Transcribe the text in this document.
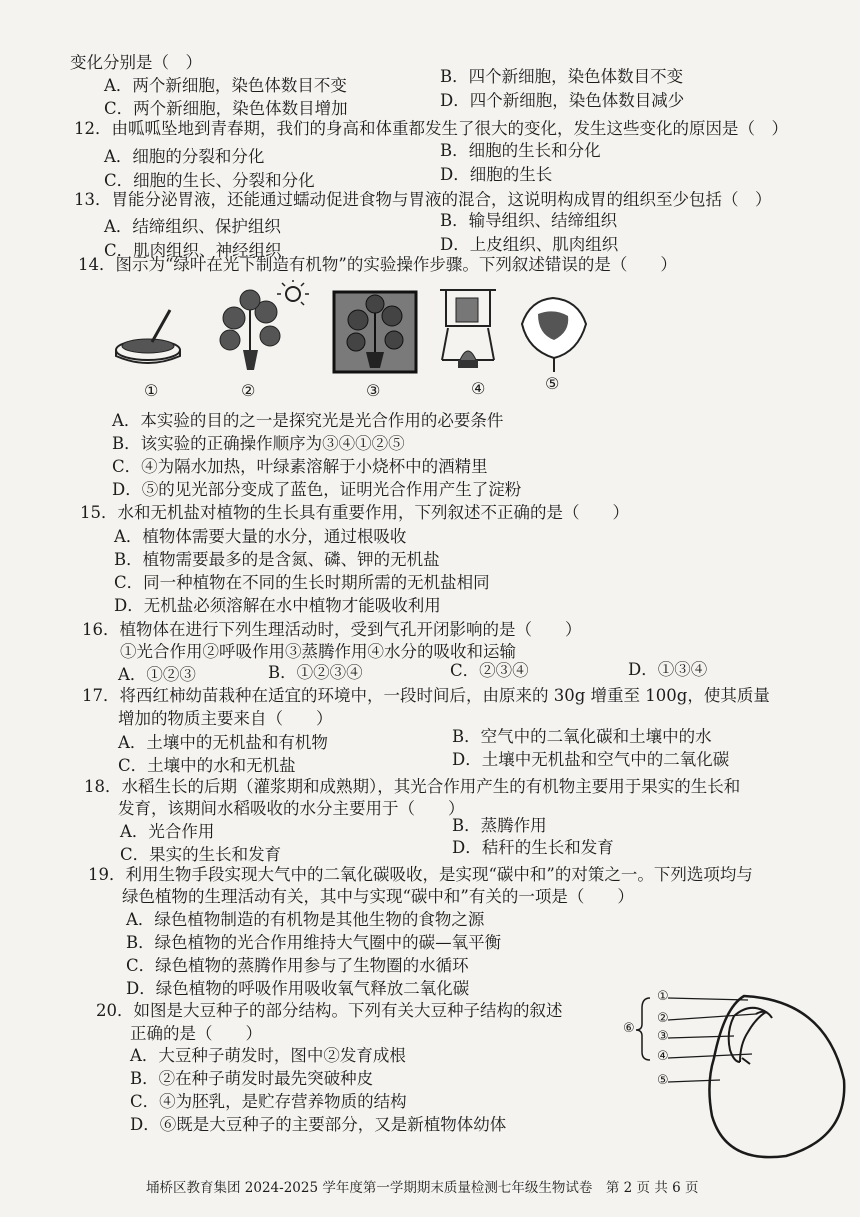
变化分别是（　）
A．两个新细胞，染色体数目不变	B．四个新细胞，染色体数目不变
C．两个新细胞，染色体数目增加	D．四个新细胞，染色体数目减少
12．由呱呱坠地到青春期，我们的身高和体重都发生了很大的变化，发生这些变化的原因是（　）
A．细胞的分裂和分化	B．细胞的生长和分化
C．细胞的生长、分裂和分化	D．细胞的生长
13．胃能分泌胃液，还能通过蠕动促进食物与胃液的混合，这说明构成胃的组织至少包括（　）
A．结缔组织、保护组织	B．输导组织、结缔组织
C．肌肉组织、神经组织	D．上皮组织、肌肉组织
14．图示为“绿叶在光下制造有机物”的实验操作步骤。下列叙述错误的是（　　）
①	②	③	④	⑤
A．本实验的目的之一是探究光是光合作用的必要条件
B．该实验的正确操作顺序为③④①②⑤
C．④为隔水加热，叶绿素溶解于小烧杯中的酒精里
D．⑤的见光部分变成了蓝色，证明光合作用产生了淀粉
15．水和无机盐对植物的生长具有重要作用，下列叙述不正确的是（　　）
A．植物体需要大量的水分，通过根吸收
B．植物需要最多的是含氮、磷、钾的无机盐
C．同一种植物在不同的生长时期所需的无机盐相同
D．无机盐必须溶解在水中植物才能吸收利用
16．植物体在进行下列生理活动时，受到气孔开闭影响的是（　　）
①光合作用②呼吸作用③蒸腾作用④水分的吸收和运输
A．①②③	B．①②③④	C．②③④	D．①③④
17．将西红柿幼苗栽种在适宜的环境中，一段时间后，由原来的 30g 增重至 100g，使其质量
增加的物质主要来自（　　）
A．土壤中的无机盐和有机物	B．空气中的二氧化碳和土壤中的水
C．土壤中的水和无机盐	D．土壤中无机盐和空气中的二氧化碳
18．水稻生长的后期（灌浆期和成熟期），其光合作用产生的有机物主要用于果实的生长和
发育，该期间水稻吸收的水分主要用于（　　）
A．光合作用	B．蒸腾作用
C．果实的生长和发育	D．秸秆的生长和发育
19．利用生物手段实现大气中的二氧化碳吸收，是实现“碳中和”的对策之一。下列选项均与
绿色植物的生理活动有关，其中与实现“碳中和”有关的一项是（　　）
A．绿色植物制造的有机物是其他生物的食物之源
B．绿色植物的光合作用维持大气圈中的碳—氧平衡
C．绿色植物的蒸腾作用参与了生物圈的水循环
D．绿色植物的呼吸作用吸收氧气释放二氧化碳
20．如图是大豆种子的部分结构。下列有关大豆种子结构的叙述
正确的是（　　）
A．大豆种子萌发时，图中②发育成根
B．②在种子萌发时最先突破种皮
C．④为胚乳，是贮存营养物质的结构
D．⑥既是大豆种子的主要部分，又是新植物体幼体
①
②
③
④
⑤
⑥
埇桥区教育集团 2024-2025 学年度第一学期期末质量检测七年级生物试卷　第 2 页 共 6 页
